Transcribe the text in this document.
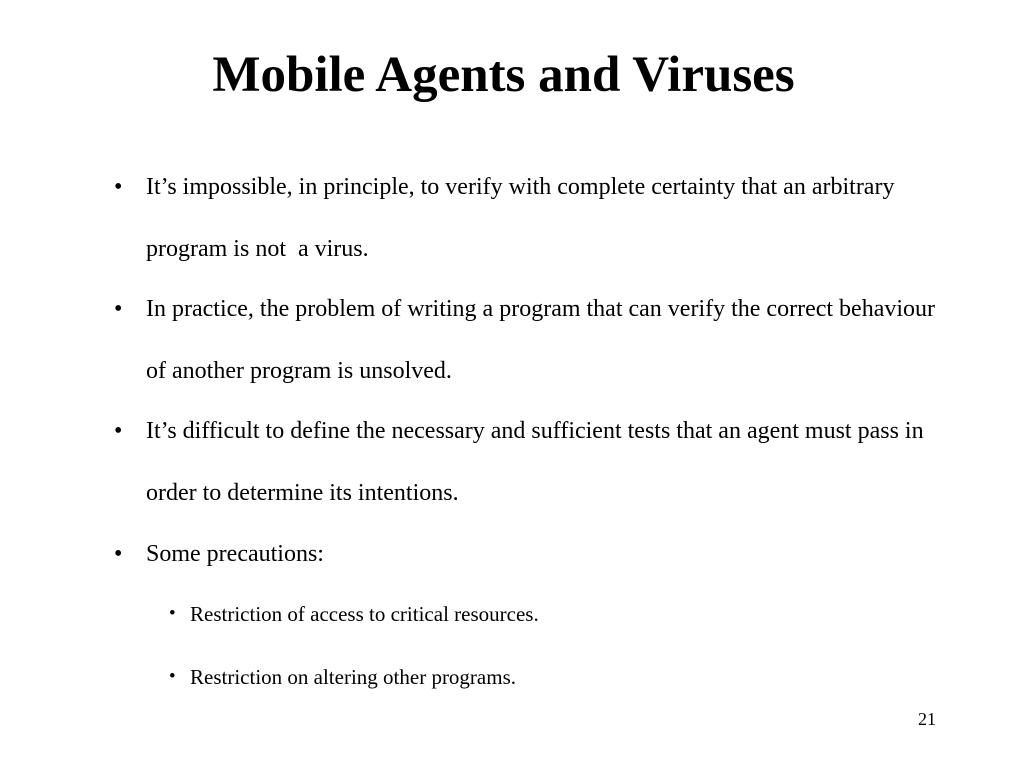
Mobile Agents and Viruses
• It’s impossible, in principle, to verify with complete certainty that an arbitrary program is not  a virus.
• In practice, the problem of writing a program that can verify the correct behaviour of another program is unsolved.
• It’s difficult to define the necessary and sufficient tests that an agent must pass in order to determine its intentions.
• Some precautions:
• Restriction of access to critical resources.
• Restriction on altering other programs.
21
